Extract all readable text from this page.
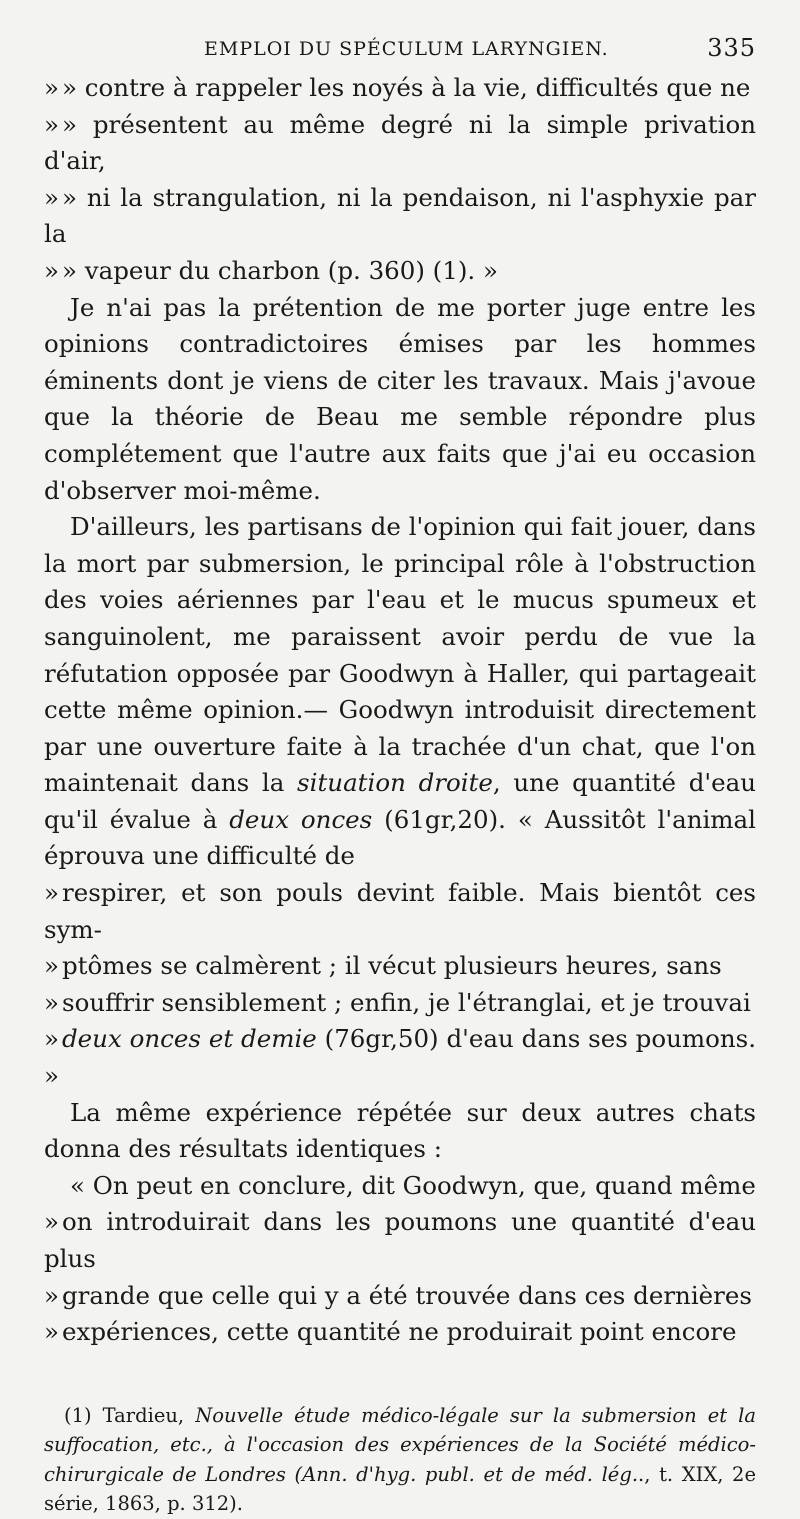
EMPLOI DU SPÉCULUM LARYNGIEN.	335

» » contre à rappeler les noyés à la vie, difficultés que ne

» » présentent au même degré ni la simple privation d'air,

» » ni la strangulation, ni la pendaison, ni l'asphyxie par la

» » vapeur du charbon (p. 360) (1). »

Je n'ai pas la prétention de me porter juge entre les opinions contradictoires émises par les hommes éminents dont je viens de citer les travaux. Mais j'avoue que la théorie de Beau me semble répondre plus complétement que l'autre aux faits que j'ai eu occasion d'observer moi-même.

D'ailleurs, les partisans de l'opinion qui fait jouer, dans la mort par submersion, le principal rôle à l'obstruction des voies aériennes par l'eau et le mucus spumeux et sanguinolent, me paraissent avoir perdu de vue la réfutation opposée par Goodwyn à Haller, qui partageait cette même opinion.— Goodwyn introduisit directement par une ouverture faite à la trachée d'un chat, que l'on maintenait dans la situation droite, une quantité d'eau qu'il évalue à deux onces (61gr,20). « Aussitôt l'animal éprouva une difficulté de

» respirer, et son pouls devint faible. Mais bientôt ces sym-

» ptômes se calmèrent ; il vécut plusieurs heures, sans

» souffrir sensiblement ; enfin, je l'étranglai, et je trouvai

» deux onces et demie (76gr,50) d'eau dans ses poumons. »

La même expérience répétée sur deux autres chats donna des résultats identiques :

« On peut en conclure, dit Goodwyn, que, quand même

» on introduirait dans les poumons une quantité d'eau plus

» grande que celle qui y a été trouvée dans ces dernières

» expériences, cette quantité ne produirait point encore

(1) Tardieu, Nouvelle étude médico-légale sur la submersion et la suffocation, etc., à l'occasion des expériences de la Société médico-chirurgicale de Londres (Ann. d'hyg. publ. et de méd. lég.., t. XIX, 2e série, 1863, p. 312).
